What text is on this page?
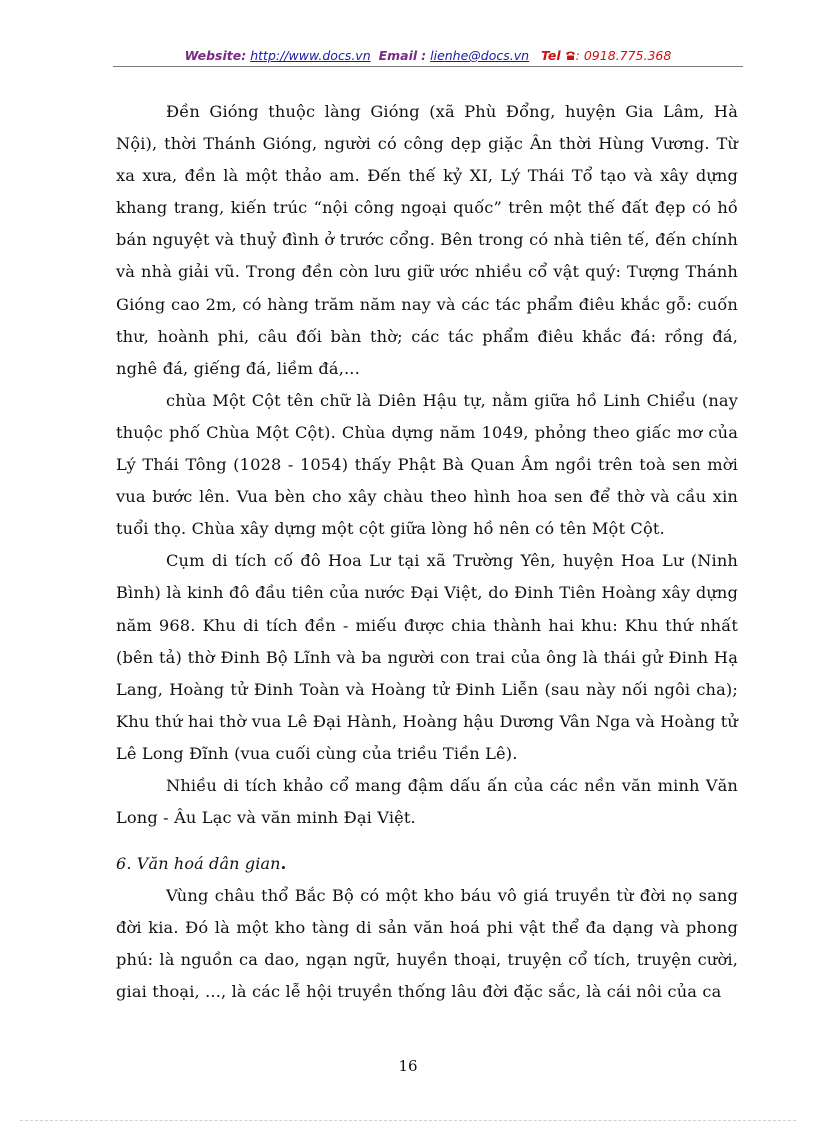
Website: http://www.docs.vn Email : lienhe@docs.vn Tel : 0918.775.368

Đền Gióng thuộc làng Gióng (xã Phù Đổng, huyện Gia Lâm, Hà Nội), thời Thánh Gióng, người có công dẹp giặc Ân thời Hùng Vương. Từ xa xưa, đền là một thảo am. Đến thế kỷ XI, Lý Thái Tổ tạo và xây dựng khang trang, kiến trúc “nội công ngoại quốc” trên một thế đất đẹp có hồ bán nguyệt và thuỷ đình ở trước cổng. Bên trong có nhà tiên tế, đến chính và nhà giải vũ. Trong đền còn lưu giữ ước nhiều cổ vật quý: Tượng Thánh Gióng cao 2m, có hàng trăm năm nay và các tác phẩm điêu khắc gỗ: cuốn thư, hoành phi, câu đối bàn thờ; các tác phẩm điêu khắc đá: rồng đá, nghê đá, giếng đá, liềm đá,...

chùa Một Cột tên chữ là Diên Hậu tự, nằm giữa hồ Linh Chiểu (nay thuộc phố Chùa Một Cột). Chùa dựng năm 1049, phỏng theo giấc mơ của Lý Thái Tông (1028 - 1054) thấy Phật Bà Quan Âm ngồi trên toà sen mời vua bước lên. Vua bèn cho xây chàu theo hình hoa sen để thờ và cầu xin tuổi thọ. Chùa xây dựng một cột giữa lòng hồ nên có tên Một Cột.

Cụm di tích cố đô Hoa Lư tại xã Trường Yên, huyện Hoa Lư (Ninh Bình) là kinh đô đầu tiên của nước Đại Việt, do Đinh Tiên Hoàng xây dựng năm 968. Khu di tích đền - miếu được chia thành hai khu: Khu thứ nhất (bên tả) thờ Đinh Bộ Lĩnh và ba người con trai của ông là thái gử Đinh Hạ Lang, Hoàng tử Đinh Toàn và Hoàng tử Đinh Liễn (sau này nối ngôi cha); Khu thứ hai thờ vua Lê Đại Hành, Hoàng hậu Dương Vân Nga và Hoàng tử Lê Long Đĩnh (vua cuối cùng của triều Tiền Lê).

Nhiều di tích khảo cổ mang đậm dấu ấn của các nền văn minh Văn Long - Âu Lạc và văn minh Đại Việt.

6. Văn hoá dân gian.

Vùng châu thổ Bắc Bộ có một kho báu vô giá truyền từ đời nọ sang đời kia. Đó là một kho tàng di sản văn hoá phi vật thể đa dạng và phong phú: là nguồn ca dao, ngạn ngữ, huyền thoại, truyện cổ tích, truyện cười, giai thoại, ..., là các lễ hội truyền thống lâu đời đặc sắc, là cái nôi của ca

16
